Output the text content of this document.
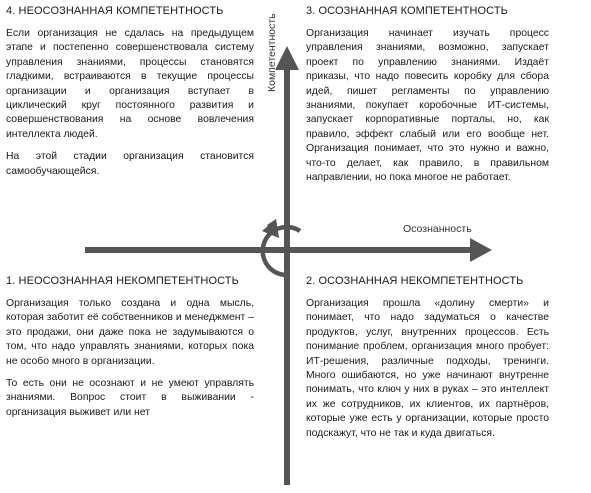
Осознанность
Компетентность
4. НЕОСОЗНАННАЯ КОМПЕТЕНТНОСТЬ

Если организация не сдалась на предыдущем этапе и постепенно совершенствовала систему управления знаниями, процессы становятся гладкими, встраиваются в текущие процессы организации и организация вступает в циклический круг постоянного развития и совершенствования на основе вовлечения интеллекта людей.

На этой стадии организация становится самообучающейся.

3. ОСОЗНАННАЯ КОМПЕТЕНТНОСТЬ

Организация начинает изучать процесс управления знаниями, возможно, запускает проект по управлению знаниями. Издаёт приказы, что надо повесить коробку для сбора идей, пишет регламенты по управлению знаниями, покупает коробочные ИТ-системы, запускает корпоративные порталы, но, как правило, эффект слабый или его вообще нет. Организация понимает, что это нужно и важно, что-то делает, как правило, в правильном направлении, но пока многое не работает.

1. НЕОСОЗНАННАЯ НЕКОМПЕТЕНТНОСТЬ

Организация только создана и одна мысль, которая заботит её собственников и менеджмент – это продажи, они даже пока не задумываются о том, что надо управлять знаниями, которых пока не особо много в организации.

То есть они не осознают и не умеют управлять знаниями. Вопрос стоит в выживании - организация выживет или нет

2. ОСОЗНАННАЯ НЕКОМПЕТЕНТНОСТЬ

Организация прошла «долину смерти» и понимает, что надо задуматься о качестве продуктов, услуг, внутренних процессов. Есть понимание проблем, организация много пробует: ИТ-решения, различные подходы, тренинги. Много ошибаются, но уже начинают внутренне понимать, что ключ у них в руках – это интеллект их же сотрудников, их клиентов, их партнёров, которые уже есть у организации, которые просто подскажут, что не так и куда двигаться.
